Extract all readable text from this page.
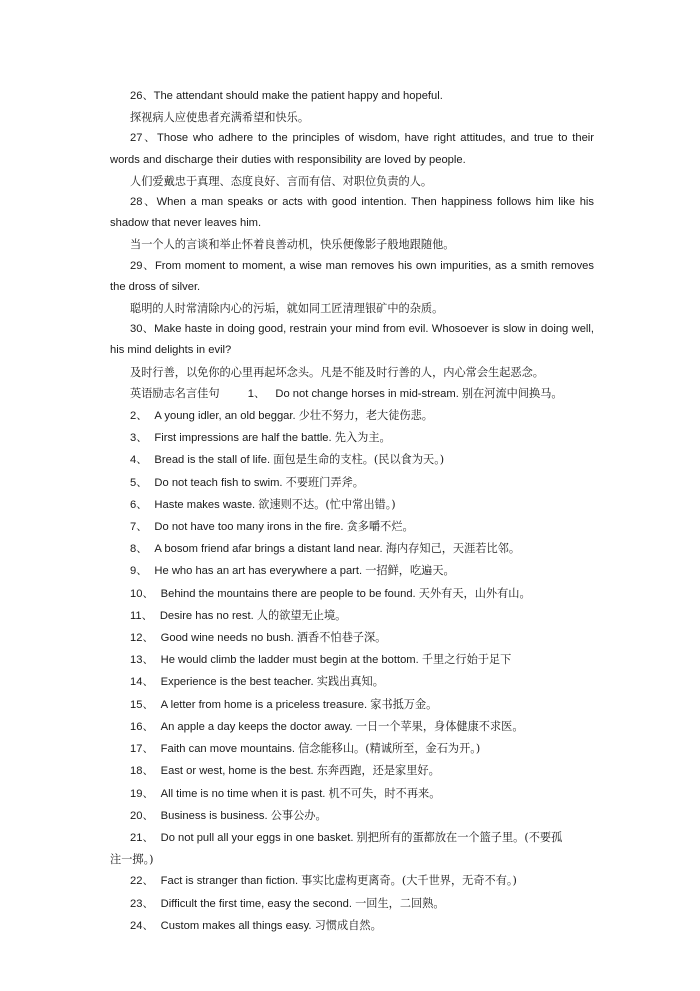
26、The attendant should make the patient happy and hopeful.

探视病人应使患者充满希望和快乐。

27、Those who adhere to the principles of wisdom, have right attitudes, and true to their words and discharge their duties with responsibility are loved by people.

人们爱戴忠于真理、态度良好、言而有信、对职位负责的人。

28、When a man speaks or acts with good intention. Then happiness follows him like his shadow that never leaves him.

当一个人的言谈和举止怀着良善动机，快乐便像影子般地跟随他。

29、From moment to moment, a wise man removes his own impurities, as a smith removes the dross of silver.

聪明的人时常清除内心的污垢，就如同工匠清理银矿中的杂质。

30、Make haste in doing good, restrain your mind from evil. Whosoever is slow in doing well, his mind delights in evil?

及时行善，以免你的心里再起坏念头。凡是不能及时行善的人，内心常会生起恶念。

英语励志名言佳句	1、 Do not change horses in mid-stream. 别在河流中间换马。
2、 A young idler, an old beggar. 少壮不努力，老大徒伤悲。
3、 First impressions are half the battle. 先入为主。
4、 Bread is the stall of life. 面包是生命的支柱。(民以食为天。)
5、 Do not teach fish to swim. 不要班门弄斧。
6、 Haste makes waste. 欲速则不达。(忙中常出错。)
7、 Do not have too many irons in the fire. 贪多嚼不烂。
8、 A bosom friend afar brings a distant land near. 海内存知己，天涯若比邻。
9、 He who has an art has everywhere a part. 一招鲜，吃遍天。
10、 Behind the mountains there are people to be found. 天外有天，山外有山。
11、 Desire has no rest. 人的欲望无止境。
12、 Good wine needs no bush. 酒香不怕巷子深。
13、 He would climb the ladder must begin at the bottom. 千里之行始于足下
14、 Experience is the best teacher. 实践出真知。
15、 A letter from home is a priceless treasure. 家书抵万金。
16、 An apple a day keeps the doctor away. 一日一个苹果，身体健康不求医。
17、 Faith can move mountains. 信念能移山。(精诚所至，金石为开。)
18、 East or west, home is the best. 东奔西跑，还是家里好。
19、 All time is no time when it is past. 机不可失，时不再来。
20、 Business is business. 公事公办。
21、 Do not pull all your eggs in one basket. 别把所有的蛋都放在一个篮子里。(不要孤
注一掷。)
22、 Fact is stranger than fiction. 事实比虚构更离奇。(大千世界，无奇不有。)
23、 Difficult the first time, easy the second. 一回生，二回熟。
24、 Custom makes all things easy. 习惯成自然。
